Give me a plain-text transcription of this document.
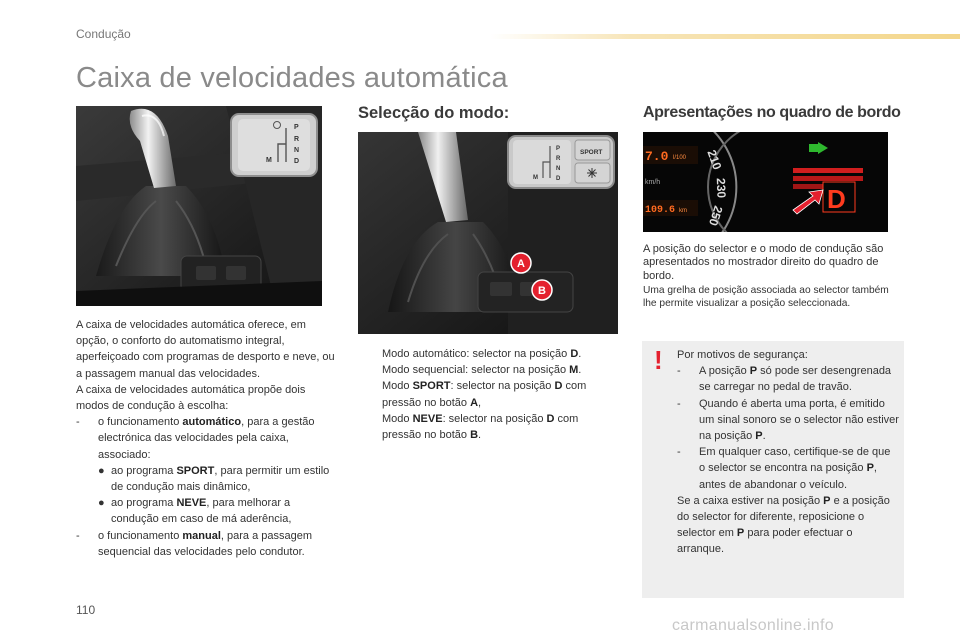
Condução
Caixa de velocidades automática
P
R
N
D
M

A caixa de velocidades automática oferece, em opção, o conforto do automatismo integral, aperfeiçoado com programas de desporto e neve, ou a passagem manual das velocidades.

A caixa de velocidades automática propõe dois modos de condução à escolha:

-	o funcionamento automático, para a gestão electrónica das velocidades pela caixa, associado:
● ao programa SPORT, para permitir um estilo de condução mais dinâmico,
● ao programa NEVE, para melhorar a condução em caso de má aderência,
-	o funcionamento manual, para a passagem sequencial das velocidades pelo condutor.
Selecção do modo:
SPORT
P
R
N
D
M
A
B
Modo automático: selector na posição D.
Modo sequencial: selector na posição M.
Modo SPORT: selector na posição D com pressão no botão A,
Modo NEVE: selector na posição D com pressão no botão B.
Apresentações no quadro de bordo
7.0 l/100
km/h
109.6 km
210
230
250
D

A posição do selector e o modo de condução são apresentados no mostrador direito do quadro de bordo.

Uma grelha de posição associada ao selector também lhe permite visualizar a posição seleccionada.

! Por motivos de segurança:

-	A posição P só pode ser desengrenada se carregar no pedal de travão.
-	Quando é aberta uma porta, é emitido um sinal sonoro se o selector não estiver na posição P.
-	Em qualquer caso, certifique-se de que o selector se encontra na posição P, antes de abandonar o veículo.

Se a caixa estiver na posição P e a posição do selector for diferente, reposicione o selector em P para poder efectuar o arranque.

110
carmanualsonline.info
